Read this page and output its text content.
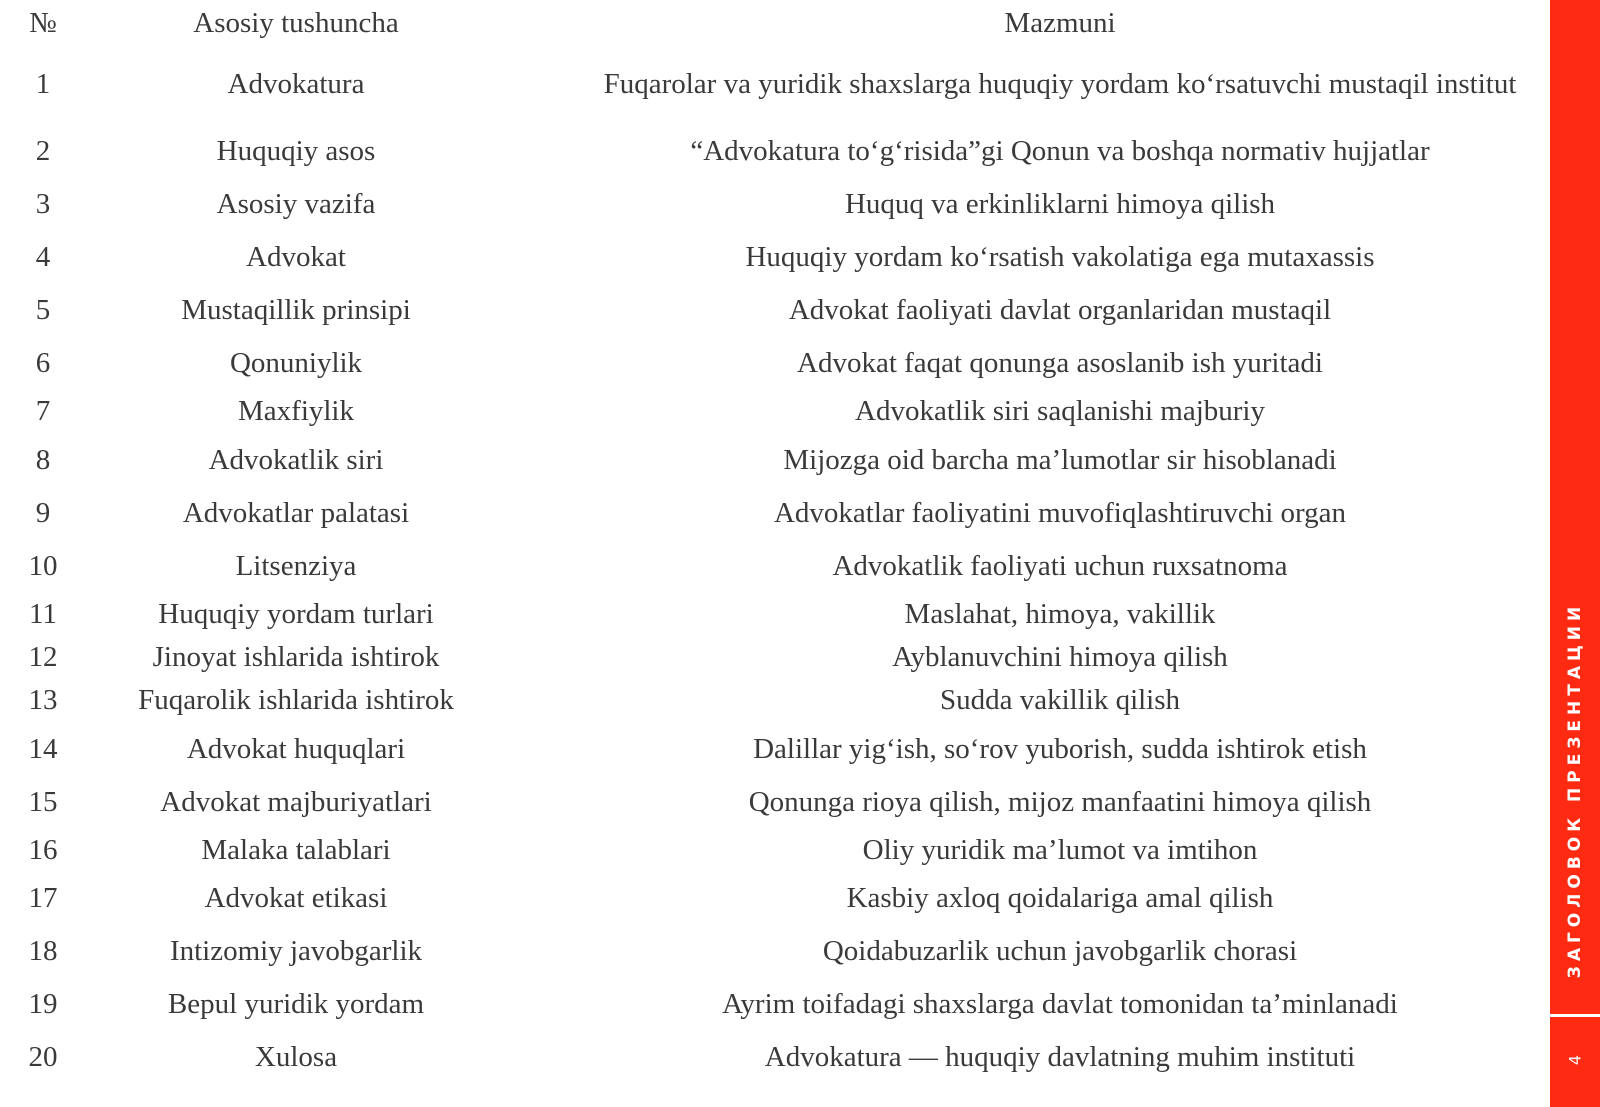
№	Asosiy tushuncha	Mazmuni
1	Advokatura	Fuqarolar va yuridik shaxslarga huquqiy yordam ko‘rsatuvchi mustaqil institut
2	Huquqiy asos	“Advokatura to‘g‘risida”gi Qonun va boshqa normativ hujjatlar
3	Asosiy vazifa	Huquq va erkinliklarni himoya qilish
4	Advokat	Huquqiy yordam ko‘rsatish vakolatiga ega mutaxassis
5	Mustaqillik prinsipi	Advokat faoliyati davlat organlaridan mustaqil
6	Qonuniylik	Advokat faqat qonunga asoslanib ish yuritadi
7	Maxfiylik	Advokatlik siri saqlanishi majburiy
8	Advokatlik siri	Mijozga oid barcha ma’lumotlar sir hisoblanadi
9	Advokatlar palatasi	Advokatlar faoliyatini muvofiqlashtiruvchi organ
10	Litsenziya	Advokatlik faoliyati uchun ruxsatnoma
11	Huquqiy yordam turlari	Maslahat, himoya, vakillik
12	Jinoyat ishlarida ishtirok	Ayblanuvchini himoya qilish
13	Fuqarolik ishlarida ishtirok	Sudda vakillik qilish
14	Advokat huquqlari	Dalillar yig‘ish, so‘rov yuborish, sudda ishtirok etish
15	Advokat majburiyatlari	Qonunga rioya qilish, mijoz manfaatini himoya qilish
16	Malaka talablari	Oliy yuridik ma’lumot va imtihon
17	Advokat etikasi	Kasbiy axloq qoidalariga amal qilish
18	Intizomiy javobgarlik	Qoidabuzarlik uchun javobgarlik chorasi
19	Bepul yuridik yordam	Ayrim toifadagi shaxslarga davlat tomonidan ta’minlanadi
20	Xulosa	Advokatura — huquqiy davlatning muhim instituti
ЗАГОЛОВОК ПРЕЗЕНТАЦИИ
4
